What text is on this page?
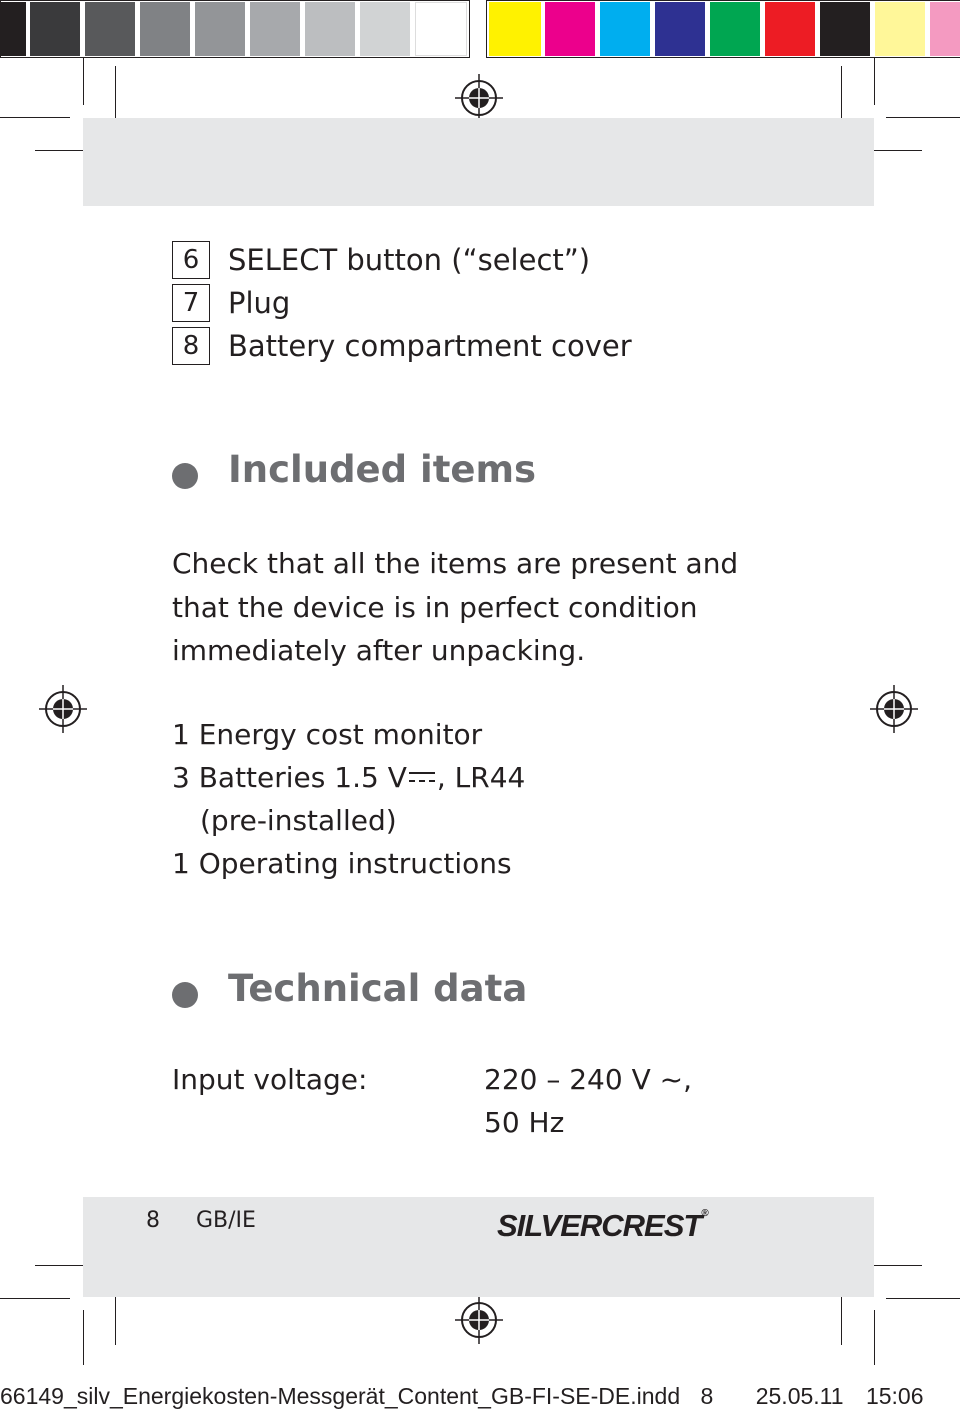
6 SELECT button (“select”)
7 Plug
8 Battery compartment cover
Included items
Check that all the items are present and
that the device is in perfect condition
immediately after unpacking.
1 Energy cost monitor
3 Batteries 1.5 V , LR44
(pre-installed)
1 Operating instructions
Technical data
Input voltage:	220 – 240 V ~,
50 Hz
8 GB/IE	SILVERCREST®
66149_silv_Energiekosten-Messgerät_Content_GB-FI-SE-DE.indd 8 25.05.11 15:06
